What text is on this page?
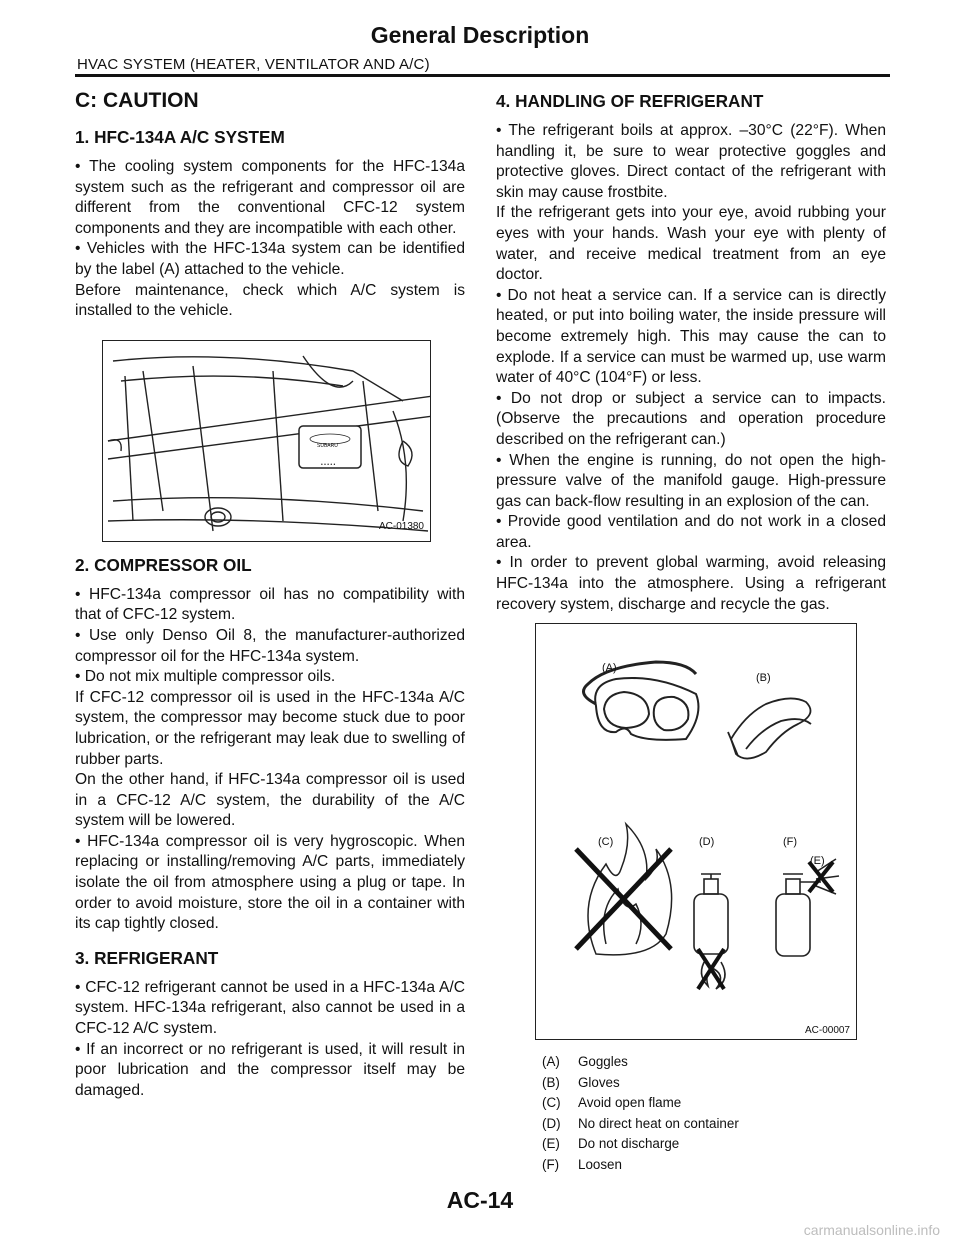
General Description
HVAC SYSTEM (HEATER, VENTILATOR AND A/C)
C: CAUTION
1. HFC-134A A/C SYSTEM

• The cooling system components for the HFC-134a system such as the refrigerant and compressor oil are different from the conventional CFC-12 system components and they are incompatible with each other.

• Vehicles with the HFC-134a system can be identified by the label (A) attached to the vehicle.

Before maintenance, check which A/C system is installed to the vehicle.

SUBARU
• • • • •
AC-01380
2. COMPRESSOR OIL

• HFC-134a compressor oil has no compatibility with that of CFC-12 system.

• Use only Denso Oil 8, the manufacturer-authorized compressor oil for the HFC-134a system.

• Do not mix multiple compressor oils.

If CFC-12 compressor oil is used in the HFC-134a A/C system, the compressor may become stuck due to poor lubrication, or the refrigerant may leak due to swelling of rubber parts.

On the other hand, if HFC-134a compressor oil is used in a CFC-12 A/C system, the durability of the A/C system will be lowered.

• HFC-134a compressor oil is very hygroscopic. When replacing or installing/removing A/C parts, immediately isolate the oil from atmosphere using a plug or tape. In order to avoid moisture, store the oil in a container with its cap tightly closed.

3. REFRIGERANT

• CFC-12 refrigerant cannot be used in a HFC-134a A/C system. HFC-134a refrigerant, also cannot be used in a CFC-12 A/C system.

• If an incorrect or no refrigerant is used, it will result in poor lubrication and the compressor itself may be damaged.

4. HANDLING OF REFRIGERANT

• The refrigerant boils at approx. –30°C (22°F). When handling it, be sure to wear protective goggles and protective gloves. Direct contact of the refrigerant with skin may cause frostbite.

If the refrigerant gets into your eye, avoid rubbing your eyes with your hands. Wash your eye with plenty of water, and receive medical treatment from an eye doctor.

• Do not heat a service can. If a service can is directly heated, or put into boiling water, the inside pressure will become extremely high. This may cause the can to explode. If a service can must be warmed up, use warm water of 40°C (104°F) or less.

• Do not drop or subject a service can to impacts. (Observe the precautions and operation procedure described on the refrigerant can.)

• When the engine is running, do not open the high-pressure valve of the manifold gauge. High-pressure gas can back-flow resulting in an explosion of the can.

• Provide good ventilation and do not work in a closed area.

• In order to prevent global warming, avoid releasing HFC-134a into the atmosphere. Using a refrigerant recovery system, discharge and recycle the gas.

(A)
(B)
(C)	(D)	(F)
(E)
AC-00007
(A)	Goggles
(B)	Gloves
(C)	Avoid open flame
(D)	No direct heat on container
(E)	Do not discharge
(F)	Loosen
AC-14
carmanualsonline.info
